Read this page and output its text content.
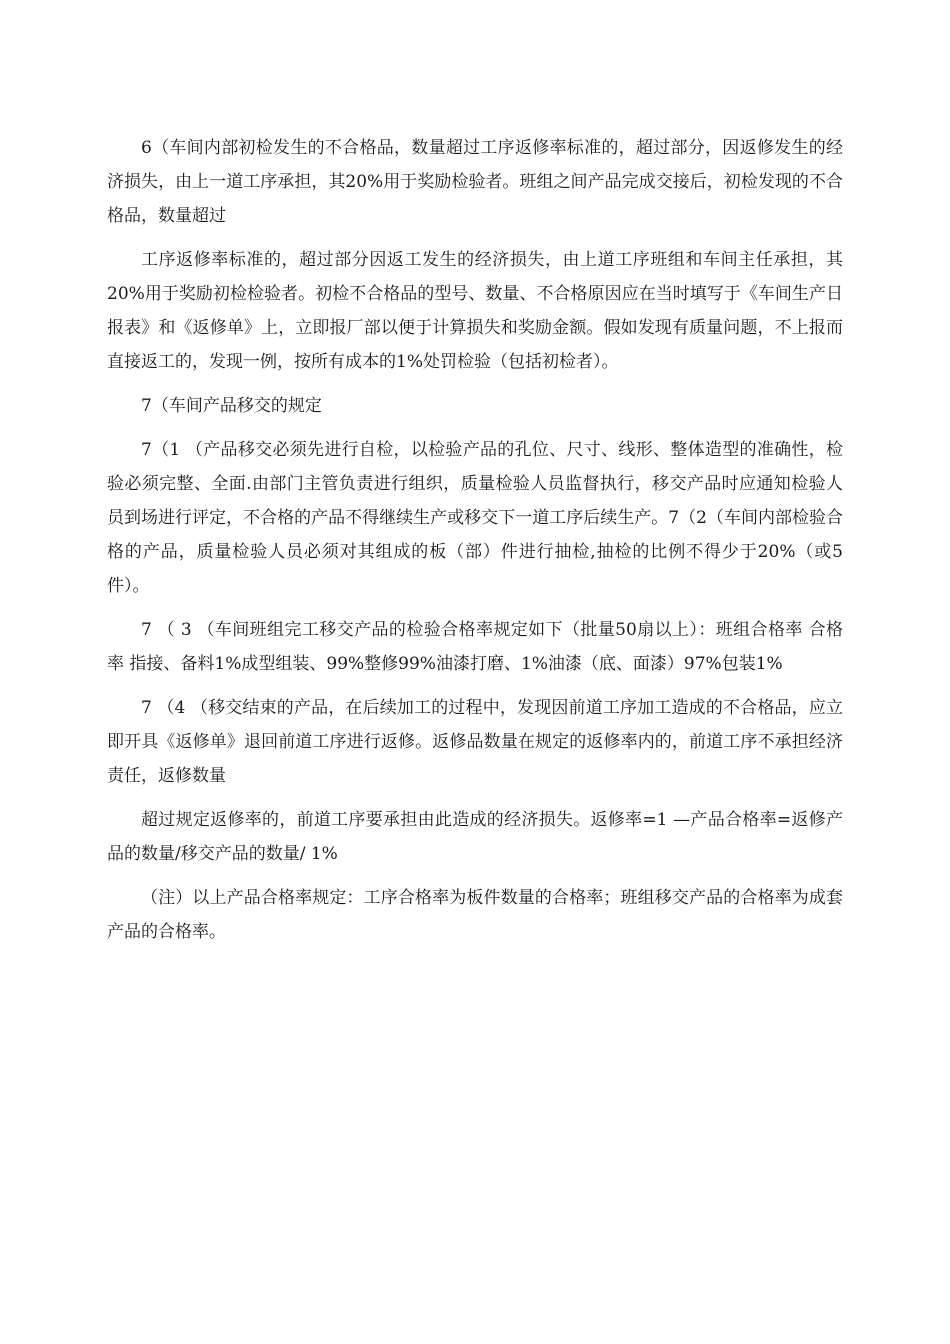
6（车间内部初检发生的不合格品，数量超过工序返修率标准的，超过部分，因返修发生的经济损失，由上一道工序承担，其20%用于奖励检验者。班组之间产品完成交接后，初检发现的不合格品，数量超过

工序返修率标准的，超过部分因返工发生的经济损失，由上道工序班组和车间主任承担，其20%用于奖励初检检验者。初检不合格品的型号、数量、不合格原因应在当时填写于《车间生产日报表》和《返修单》上，立即报厂部以便于计算损失和奖励金额。假如发现有质量问题，不上报而直接返工的，发现一例，按所有成本的1%处罚检验（包括初检者）。

7（车间产品移交的规定

7（1 （产品移交必须先进行自检，以检验产品的孔位、尺寸、线形、整体造型的准确性，检验必须完整、全面.由部门主管负责进行组织，质量检验人员监督执行，移交产品时应通知检验人员到场进行评定，不合格的产品不得继续生产或移交下一道工序后续生产。7（2（车间内部检验合格的产品，质量检验人员必须对其组成的板（部）件进行抽检,抽检的比例不得少于20%（或5件）。

7 （ 3 （车间班组完工移交产品的检验合格率规定如下（批量50扇以上）：班组合格率 合格率 指接、备料1%成型组装、99%整修99%油漆打磨、1%油漆（底、面漆）97%包装1%

7 （4 （移交结束的产品，在后续加工的过程中，发现因前道工序加工造成的不合格品，应立即开具《返修单》退回前道工序进行返修。返修品数量在规定的返修率内的，前道工序不承担经济责任，返修数量

超过规定返修率的，前道工序要承担由此造成的经济损失。返修率=1 —产品合格率=返修产品的数量/移交产品的数量/ 1%

（注）以上产品合格率规定：工序合格率为板件数量的合格率；班组移交产品的合格率为成套产品的合格率。
